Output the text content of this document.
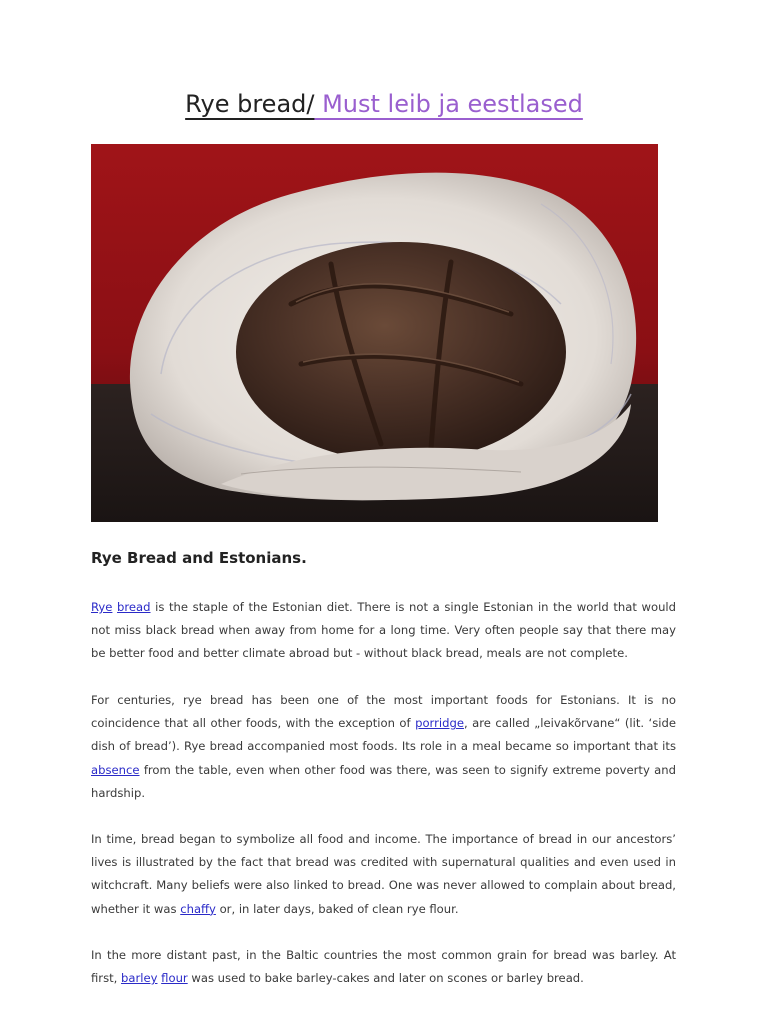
Rye bread/ Must leib ja eestlased
Rye Bread and Estonians.

Rye bread is the staple of the Estonian diet. There is not a single Estonian in the world that would not miss black bread when away from home for a long time. Very often people say that there may be better food and better climate abroad but - without black bread, meals are not complete.

For centuries, rye bread has been one of the most important foods for Estonians. It is no coincidence that all other foods, with the exception of porridge, are called „leivakõrvane“ (lit. ‘side dish of bread’). Rye bread accompanied most foods. Its role in a meal became so important that its absence from the table, even when other food was there, was seen to signify extreme poverty and hardship.

In time, bread began to symbolize all food and income. The importance of bread in our ancestors’ lives is illustrated by the fact that bread was credited with supernatural qualities and even used in witchcraft. Many beliefs were also linked to bread. One was never allowed to complain about bread, whether it was chaffy or, in later days, baked of clean rye flour.

In the more distant past, in the Baltic countries the most common grain for bread was barley. At first, barley flour was used to bake barley-cakes and later on scones or barley bread.
